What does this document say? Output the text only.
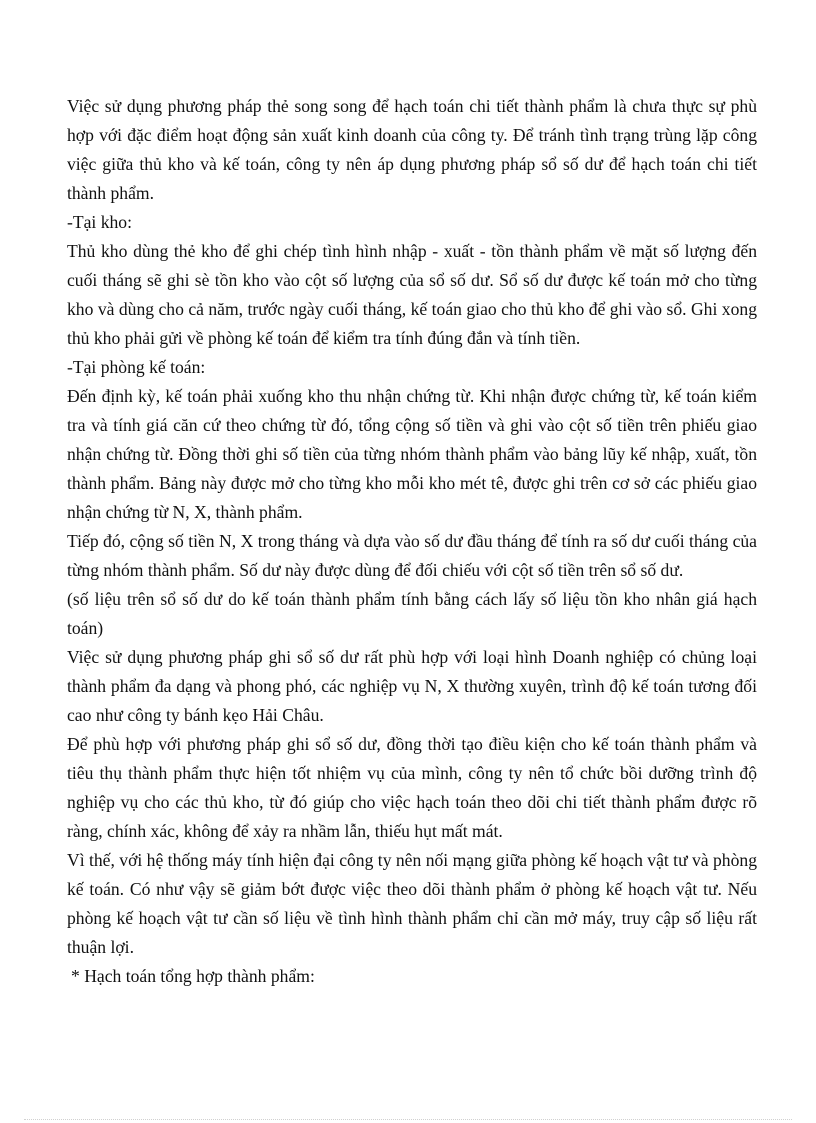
Việc sử dụng phương pháp thẻ song song để hạch toán chi tiết thành phẩm là chưa thực sự phù hợp với đặc điểm hoạt động sản xuất kinh doanh của công ty. Để tránh tình trạng trùng lặp công việc giữa thủ kho và kế toán, công ty nên áp dụng phương pháp sổ số dư để hạch toán chi tiết thành phẩm.

-Tại kho:

Thủ kho dùng thẻ kho để ghi chép tình hình nhập - xuất - tồn thành phẩm về mặt số lượng đến cuối tháng sẽ ghi sè tồn kho vào cột số lượng của sổ số dư. Sổ số dư được kế toán mở cho từng kho và dùng cho cả năm, trước ngày cuối tháng, kế toán giao cho thủ kho để ghi vào sổ. Ghi xong thủ kho phải gửi về phòng kế toán để kiểm tra tính đúng đắn và tính tiền.

-Tại phòng kế toán:

Đến định kỳ, kế toán phải xuống kho thu nhận chứng từ. Khi nhận được chứng từ, kế toán kiểm tra và tính giá căn cứ theo chứng từ đó, tổng cộng số tiền và ghi vào cột số tiền trên phiếu giao nhận chứng từ. Đồng thời ghi số tiền của từng nhóm thành phẩm vào bảng lũy kế nhập, xuất, tồn thành phẩm. Bảng này được mở cho từng kho mỗi kho mét tê, được ghi trên cơ sở các phiếu giao nhận chứng từ N, X, thành phẩm.

Tiếp đó, cộng số tiền N, X trong tháng và dựa vào số dư đầu tháng để tính ra số dư cuối tháng của từng nhóm thành phẩm. Số dư này được dùng để đối chiếu với cột số tiền trên sổ số dư.

(số liệu trên sổ số dư do kế toán thành phẩm tính bằng cách lấy số liệu tồn kho nhân giá hạch toán)

Việc sử dụng phương pháp ghi sổ số dư rất phù hợp với loại hình Doanh nghiệp có chủng loại thành phẩm đa dạng và phong phó, các nghiệp vụ N, X thường xuyên, trình độ kế toán tương đối cao như công ty bánh kẹo Hải Châu.

Để phù hợp với phương pháp ghi sổ số dư, đồng thời tạo điều kiện cho kế toán thành phẩm và tiêu thụ thành phẩm thực hiện tốt nhiệm vụ của mình, công ty nên tổ chức bồi dưỡng trình độ nghiệp vụ cho các thủ kho, từ đó giúp cho việc hạch toán theo dõi chi tiết thành phẩm được rõ ràng, chính xác, không để xảy ra nhầm lẫn, thiếu hụt mất mát.

Vì thế, với hệ thống máy tính hiện đại công ty nên nối mạng giữa phòng kế hoạch vật tư và phòng kế toán. Có như vậy sẽ giảm bớt được việc theo dõi thành phẩm ở phòng kế hoạch vật tư. Nếu phòng kế hoạch vật tư cần số liệu về tình hình thành phẩm chỉ cần mở máy, truy cập số liệu rất thuận lợi.

* Hạch toán tổng hợp thành phẩm:
